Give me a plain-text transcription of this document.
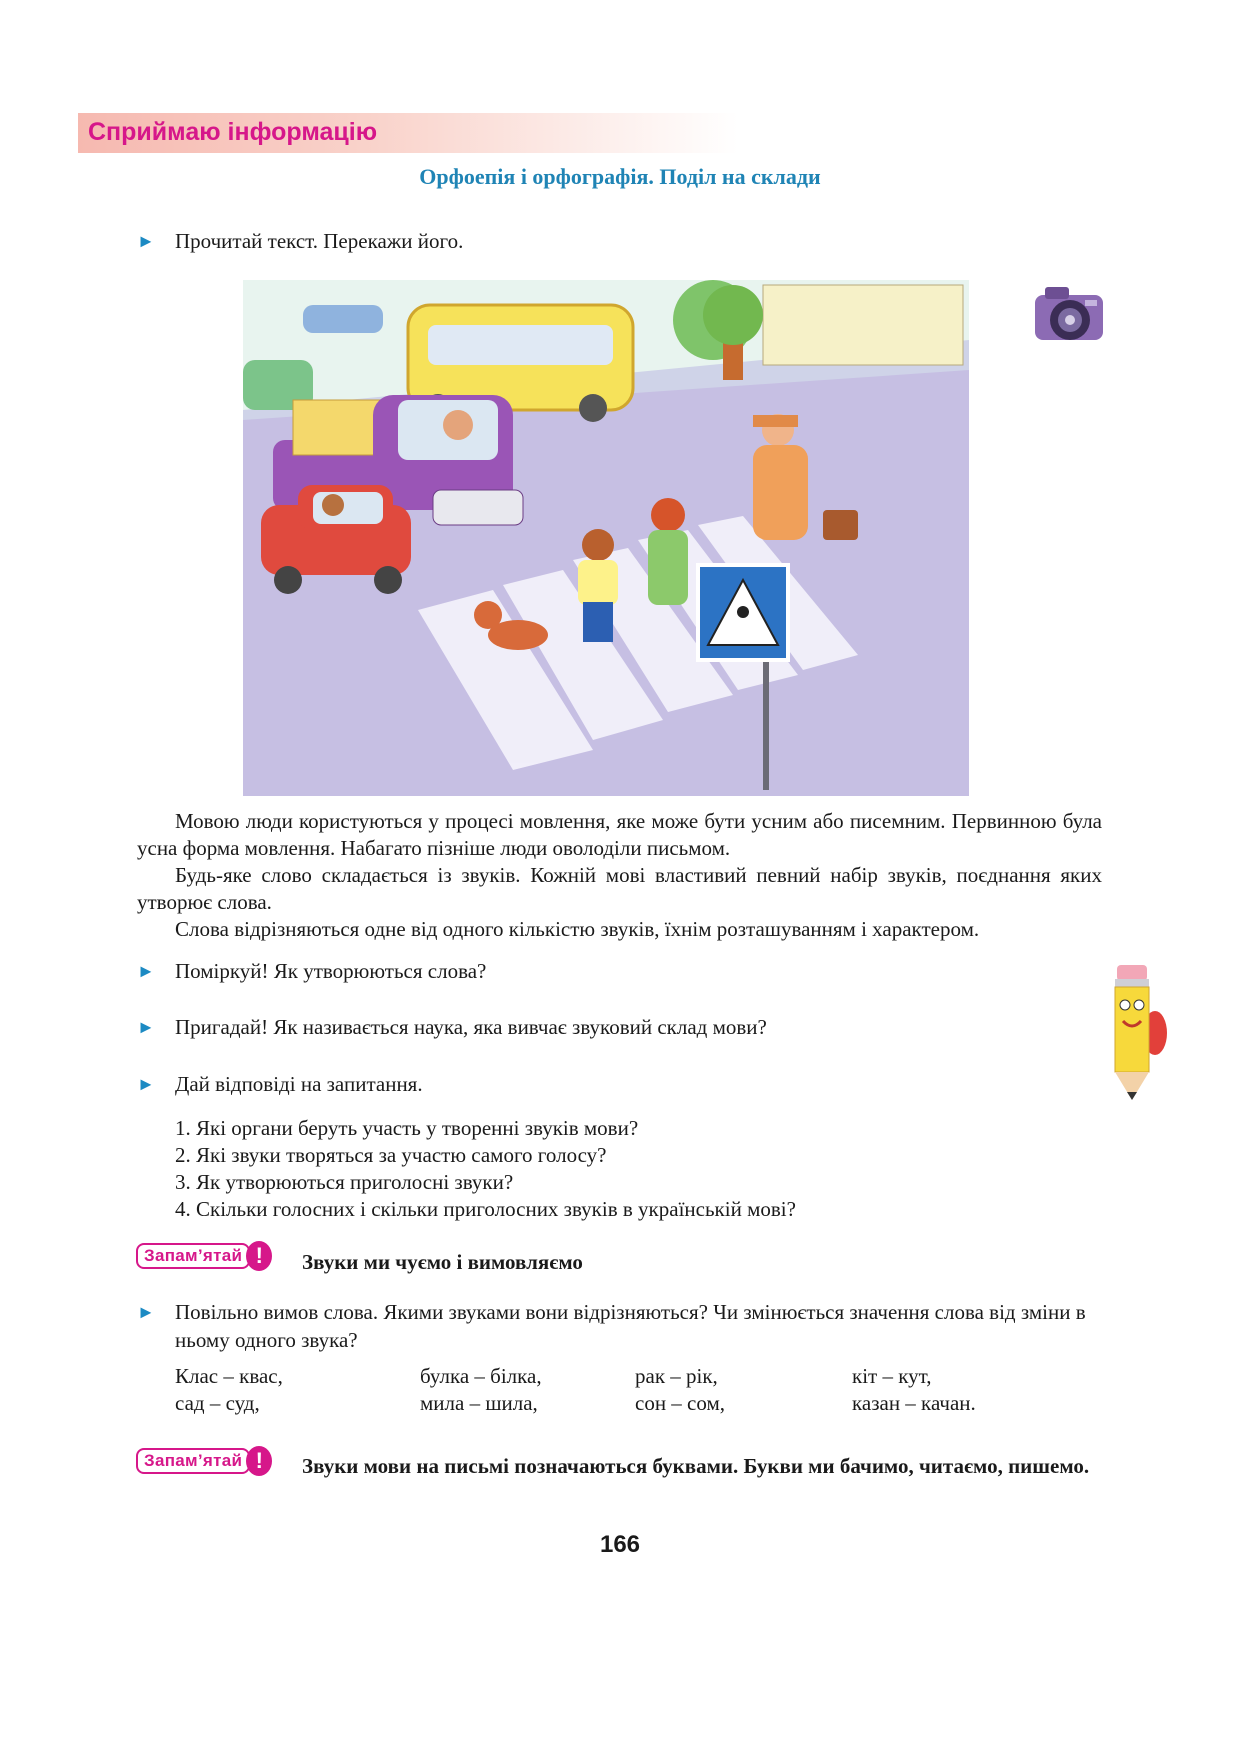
Сприймаю інформацію
Орфоепія і орфографія. Поділ на склади
► Прочитай текст. Перекажи його.

Мовою люди користуються у процесі мовлення, яке може бути усним або писемним. Первинною була усна форма мовлення. Набагато пізніше люди оволоділи письмом.

Будь-яке слово складається із звуків. Кожній мові властивий певний набір звуків, поєднання яких утворює слова.

Слова відрізняються одне від одного кількістю звуків, їхнім розташуванням і характером.

► Поміркуй! Як утворюються слова?
► Пригадай! Як називається наука, яка вивчає звуковий склад мови?
► Дай відповіді на запитання.
1. Які органи беруть участь у творенні звуків мови?
2. Які звуки творяться за участю самого голосу?
3. Як утворюються приголосні звуки?
4. Скільки голосних і скільки приголосних звуків в українській мові?
Запам’ятай !	Звуки ми чуємо і вимовляємо
► Повільно вимов слова. Якими звуками вони відрізняються? Чи змінюється значення слова від зміни в ньому одного звука?
Клас – квас,
сад – суд,
булка – білка,
мила – шила,
рак – рік,
сон – сом,
кіт – кут,
казан – качан.
Запам’ятай !	Звуки мови на письмі позначаються буквами. Букви ми бачимо, читаємо, пишемо.
166
